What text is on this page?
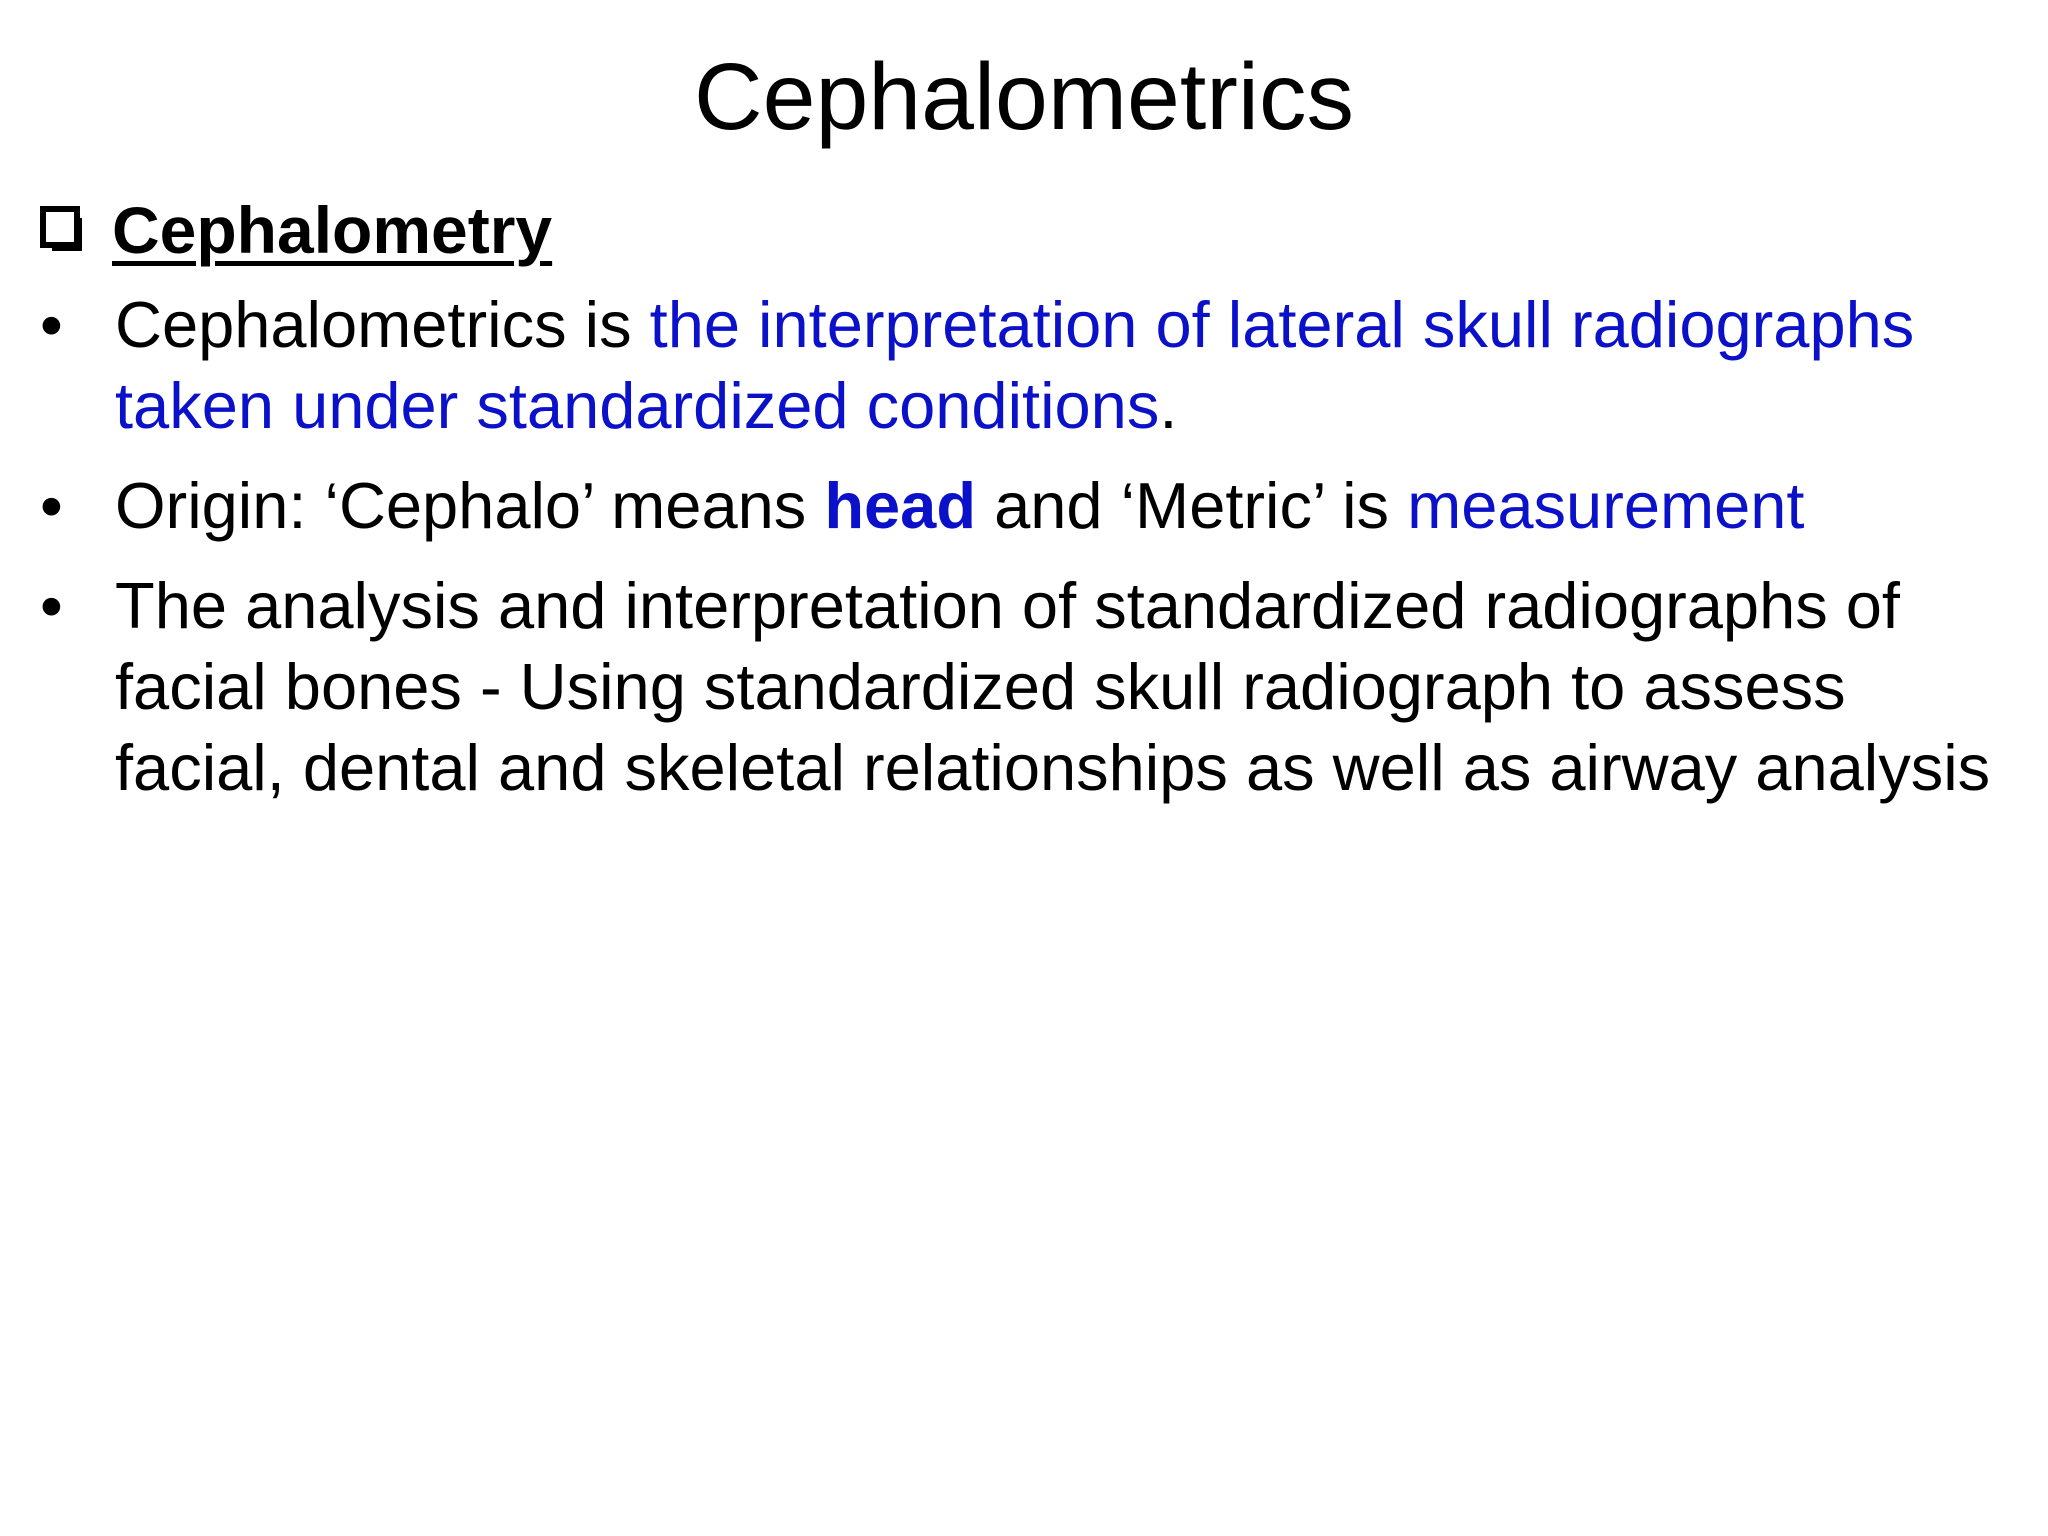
Cephalometrics
Cephalometry
• Cephalometrics is the interpretation of lateral skull radiographs taken under standardized conditions.
• Origin: ‘Cephalo’ means head and ‘Metric’ is measurement
• The analysis and interpretation of standardized radiographs of facial bones - Using standardized skull radiograph to assess facial, dental and skeletal relationships as well as airway analysis
